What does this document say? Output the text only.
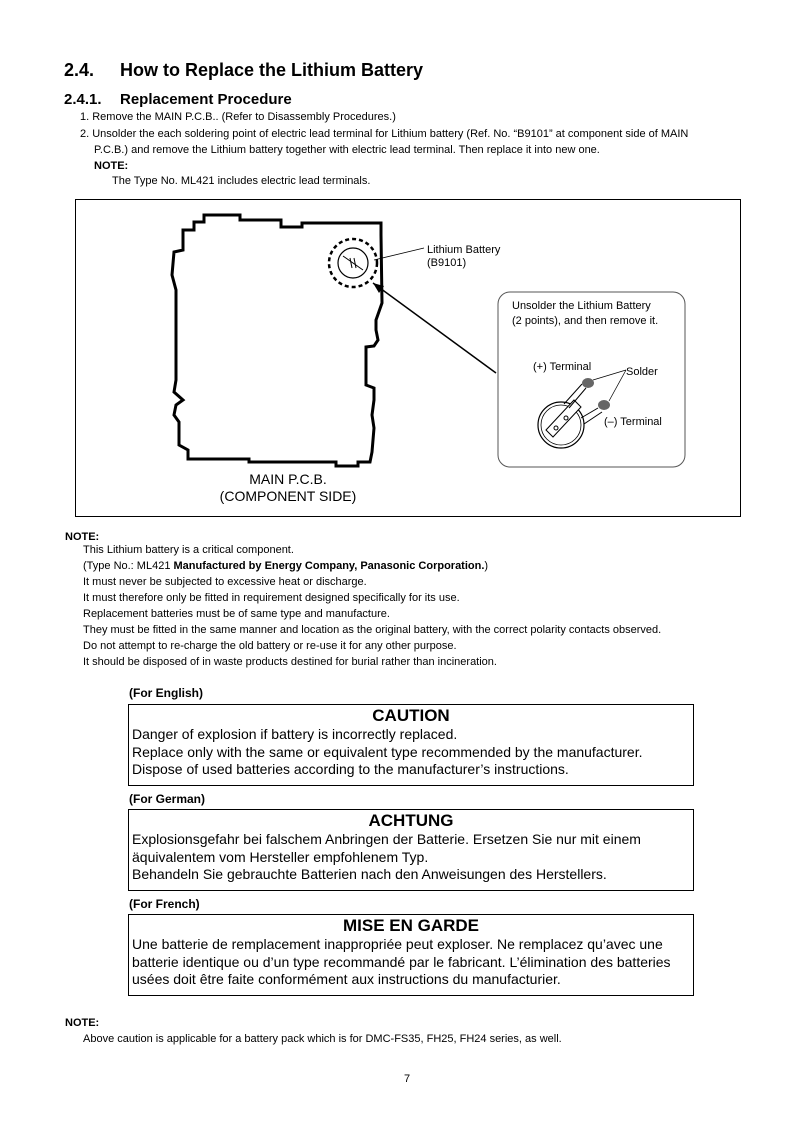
2.4. How to Replace the Lithium Battery
2.4.1. Replacement Procedure
1. Remove the MAIN P.C.B.. (Refer to Disassembly Procedures.)
2. Unsolder the each soldering point of electric lead terminal for Lithium battery (Ref. No. “B9101” at component side of MAIN
P.C.B.) and remove the Lithium battery together with electric lead terminal. Then replace it into new one.
NOTE:
The Type No. ML421 includes electric lead terminals.
Lithium Battery
(B9101)
Unsolder the Lithium Battery
(2 points), and then remove it.
(+) Terminal	Solder
(–) Terminal
MAIN P.C.B.
(COMPONENT SIDE)
NOTE:
This Lithium battery is a critical component.
(Type No.: ML421 Manufactured by Energy Company, Panasonic Corporation.)
It must never be subjected to excessive heat or discharge.
It must therefore only be fitted in requirement designed specifically for its use.
Replacement batteries must be of same type and manufacture.
They must be fitted in the same manner and location as the original battery, with the correct polarity contacts observed.
Do not attempt to re-charge the old battery or re-use it for any other purpose.
It should be disposed of in waste products destined for burial rather than incineration.
(For English)
CAUTION
Danger of explosion if battery is incorrectly replaced.
Replace only with the same or equivalent type recommended by the manufacturer.
Dispose of used batteries according to the manufacturer’s instructions.
(For German)
ACHTUNG
Explosionsgefahr bei falschem Anbringen der Batterie. Ersetzen Sie nur mit einem
äquivalentem vom Hersteller empfohlenem Typ.
Behandeln Sie gebrauchte Batterien nach den Anweisungen des Herstellers.
(For French)
MISE EN GARDE
Une batterie de remplacement inappropriée peut exploser. Ne remplacez qu’avec une
batterie identique ou d’un type recommandé par le fabricant. L’élimination des batteries
usées doit être faite conformément aux instructions du manufacturier.
NOTE:
Above caution is applicable for a battery pack which is for DMC-FS35, FH25, FH24 series, as well.
7
